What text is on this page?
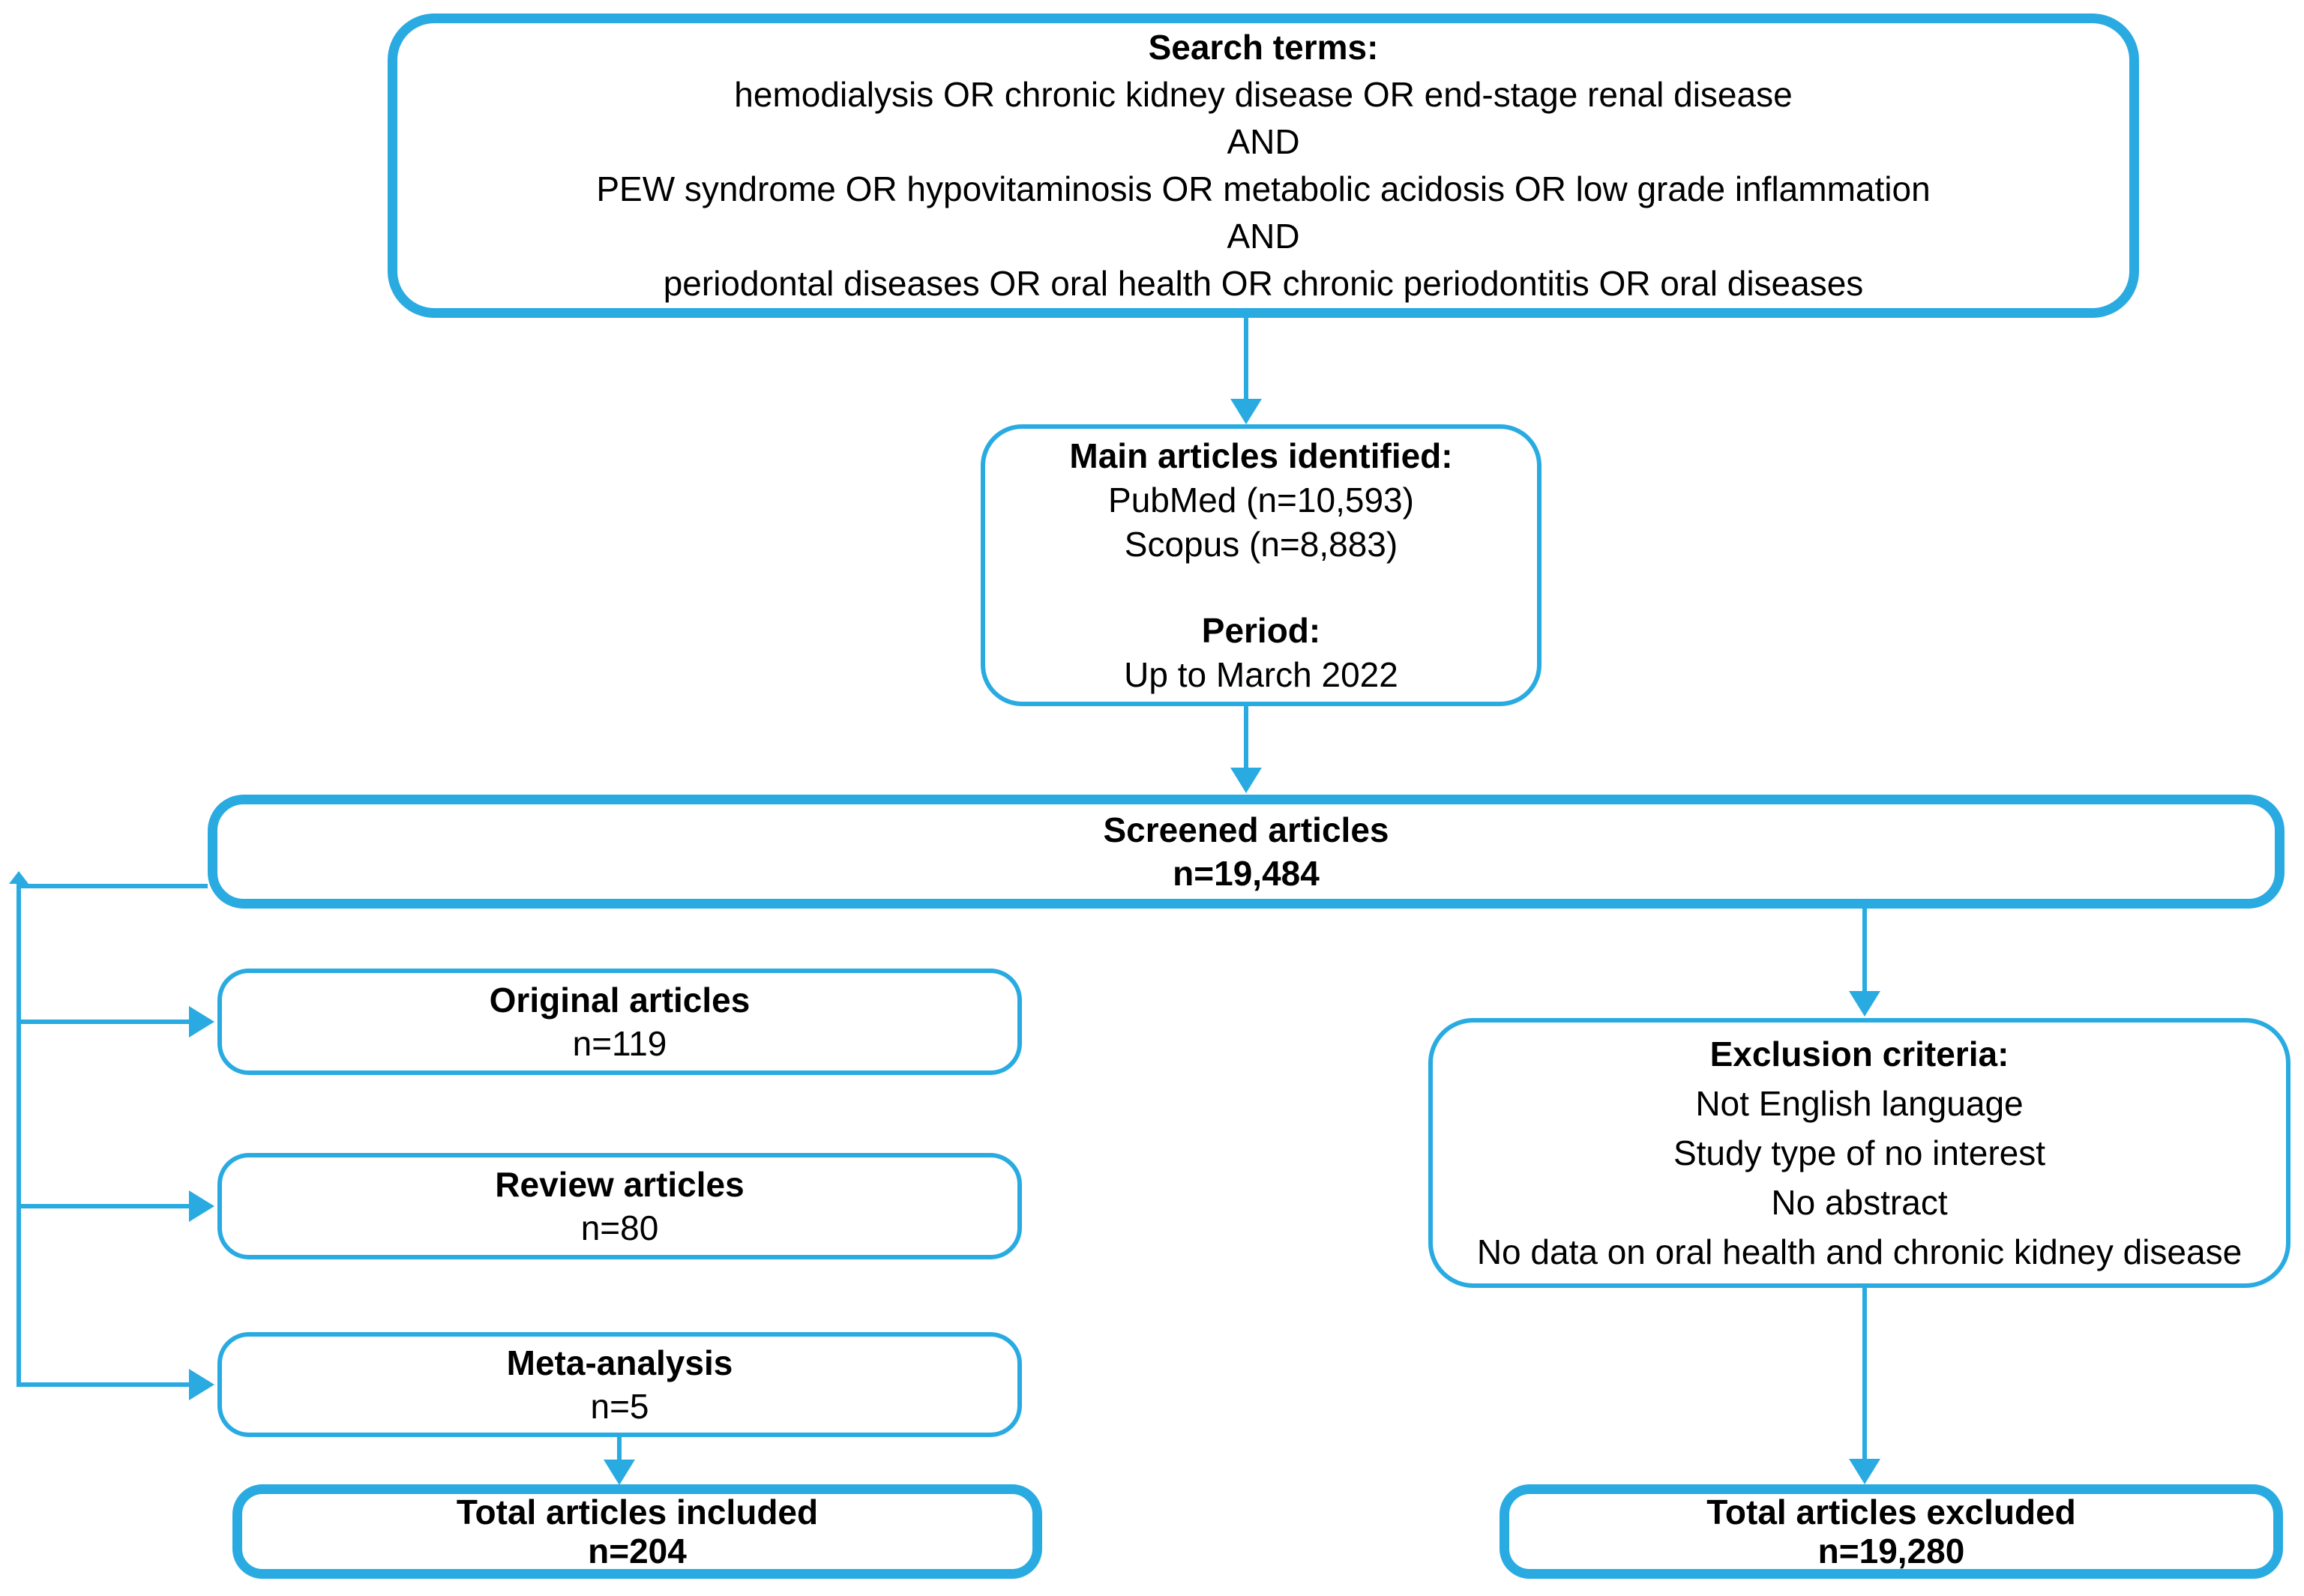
Search terms:
hemodialysis OR chronic kidney disease OR end-stage renal disease
AND
PEW syndrome OR hypovitaminosis OR metabolic acidosis OR low grade inflammation
AND
periodontal diseases OR oral health OR chronic periodontitis OR oral diseases
Main articles identified:
PubMed (n=10,593)
Scopus (n=8,883)
Period:
Up to March 2022
Screened articles
n=19,484
Original articles
n=119
Review articles
n=80
Meta-analysis
n=5
Total articles included
n=204
Exclusion criteria:
Not English language
Study type of no interest
No abstract
No data on oral health and chronic kidney disease
Total articles excluded
n=19,280
